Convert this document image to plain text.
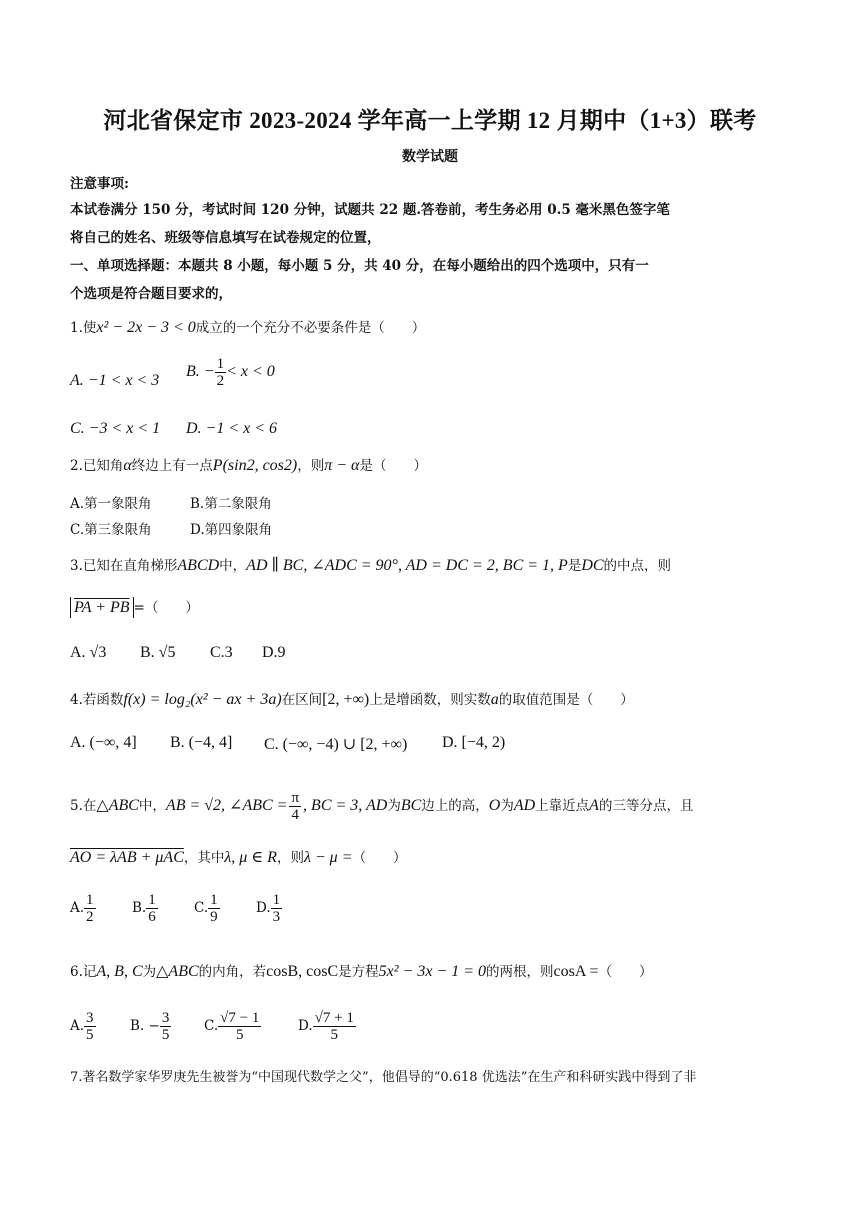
河北省保定市 2023-2024 学年高一上学期 12 月期中（1+3）联考
数学试题
注意事项:
本试卷满分 150 分，考试时间 120 分钟，试题共 22 题.答卷前，考生务必用 0.5 毫米黑色签字笔
将自己的姓名、班级等信息填写在试卷规定的位置，
一、单项选择题：本题共 8 小题，每小题 5 分，共 40 分，在每小题给出的四个选项中，只有一
个选项是符合题目要求的，
1.使x² − 2x − 3 < 0成立的一个充分不必要条件是（　　）
A. −1 < x < 3
B. − $\frac{1}{2} < x < 0$
C. −3 < x < 1 D. −1 < x < 6
2.已知角α终边上有一点P(sin2, cos2)，则π − α是（　　）
A.第一象限角	B.第二象限角
C.第三象限角	D.第四象限角
3.已知在直角梯形ABCD中，AD ∥ BC, ∠ADC = 90°, AD = DC = 2, BC = 1, P是DC的中点，则
PA + PB =（　　）
A. √3 B. √5 C.3 D.9
4.若函数f(x) = log₂(x² − ax + 3a)在区间[2, +∞)上是增函数，则实数a的取值范围是（　　）
A. (−∞, 4] B. (−4, 4] C. (−∞, −4) ∪ [2, +∞) D. [−4, 2)
5.在△ABC中，AB = √2, ∠ABC = $\frac{\pi}{4}$ , BC = 3, AD为BC边上的高，O为AD上靠近点A的三等分点，且
AO = λAB + μAC，其中λ, μ ∈ R，则λ − μ =（　　）
A. $\frac{1}{2}$	B. $\frac{1}{6}$	C. $\frac{1}{9}$	D. $\frac{1}{3}$
6.记A, B, C为△ABC的内角，若cosB, cosC是方程5x² − 3x − 1 = 0的两根，则cosA =（　　）
A. $\frac{3}{5}$	B. − $\frac{3}{5} C$. $\frac{√7 - 1}{5}$	D. $\frac{√7 + 1}{5}$
7.著名数学家华罗庚先生被誉为“中国现代数学之父”，他倡导的“0.618 优选法”在生产和科研实践中得到了非
